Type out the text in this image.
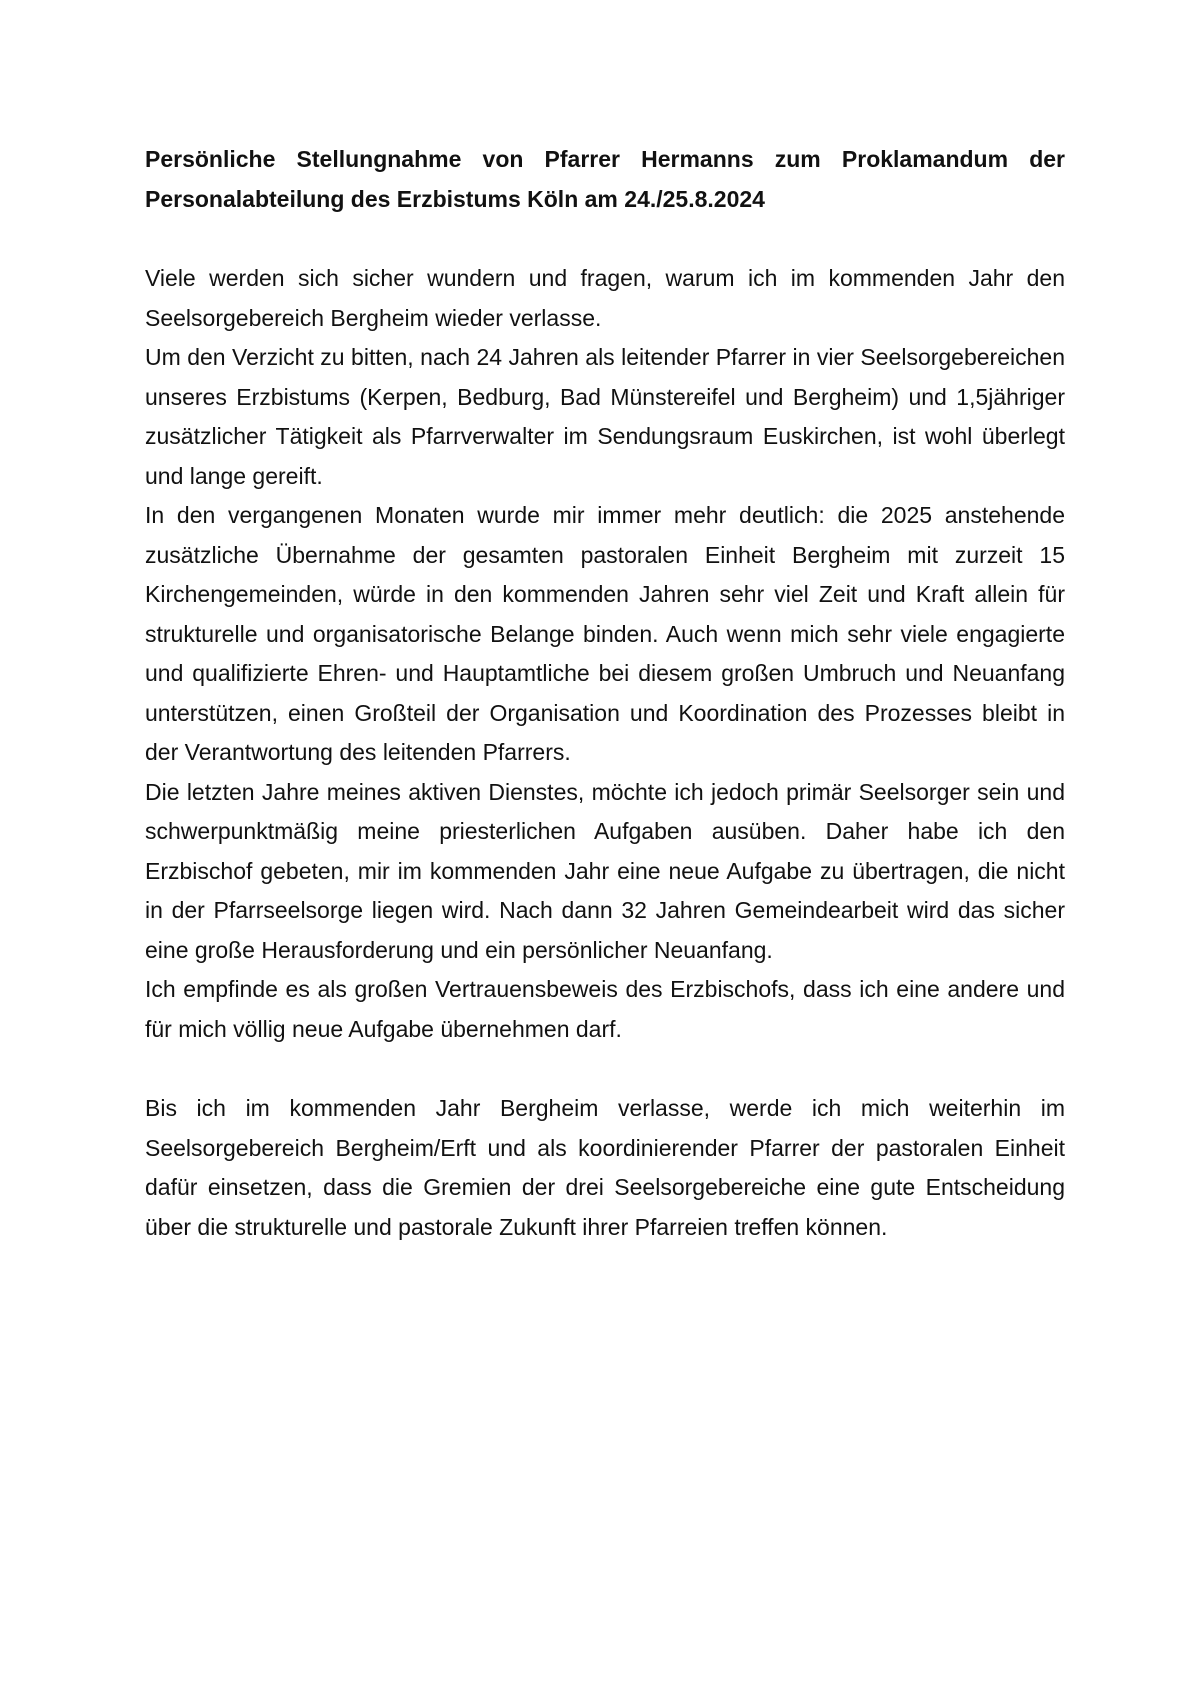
Persönliche Stellungnahme von Pfarrer Hermanns zum Proklamandum der Personalabteilung des Erzbistums Köln am 24./25.8.2024

Viele werden sich sicher wundern und fragen, warum ich im kommenden Jahr den Seelsorgebereich Bergheim wieder verlasse.

Um den Verzicht zu bitten, nach 24 Jahren als leitender Pfarrer in vier Seelsorgebereichen unseres Erzbistums (Kerpen, Bedburg, Bad Münstereifel und Bergheim) und 1,5jähriger zusätzlicher Tätigkeit als Pfarrverwalter im Sendungsraum Euskirchen, ist wohl überlegt und lange gereift.

In den vergangenen Monaten wurde mir immer mehr deutlich: die 2025 anstehende zusätzliche Übernahme der gesamten pastoralen Einheit Bergheim mit zurzeit 15 Kirchengemeinden, würde in den kommenden Jahren sehr viel Zeit und Kraft allein für strukturelle und organisatorische Belange binden. Auch wenn mich sehr viele engagierte und qualifizierte Ehren- und Hauptamtliche bei diesem großen Umbruch und Neuanfang unterstützen, einen Großteil der Organisation und Koordination des Prozesses bleibt in der Verantwortung des leitenden Pfarrers.

Die letzten Jahre meines aktiven Dienstes, möchte ich jedoch primär Seelsorger sein und schwerpunktmäßig meine priesterlichen Aufgaben ausüben. Daher habe ich den Erzbischof gebeten, mir im kommenden Jahr eine neue Aufgabe zu übertragen, die nicht in der Pfarrseelsorge liegen wird. Nach dann 32 Jahren Gemeindearbeit wird das sicher eine große Herausforderung und ein persönlicher Neuanfang.

Ich empfinde es als großen Vertrauensbeweis des Erzbischofs, dass ich eine andere und für mich völlig neue Aufgabe übernehmen darf.

Bis ich im kommenden Jahr Bergheim verlasse, werde ich mich weiterhin im Seelsorgebereich Bergheim/Erft und als koordinierender Pfarrer der pastoralen Einheit dafür einsetzen, dass die Gremien der drei Seelsorgebereiche eine gute Entscheidung über die strukturelle und pastorale Zukunft ihrer Pfarreien treffen können.
